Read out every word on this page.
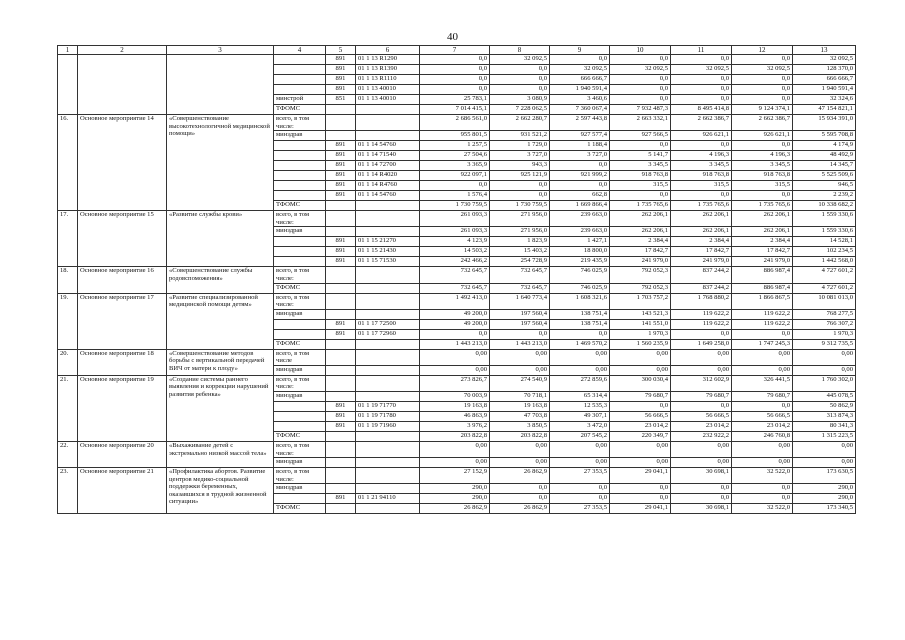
40
1	2	3	4	5	6	7	8	9	10	11	12	13
				891	01 1 13 R1290	0,0	32 092,5	0,0	0,0	0,0	0,0	32 092,5
				891	01 1 13 R1390	0,0	0,0	32 092,5	32 092,5	32 092,5	32 092,5	128 370,0
				891	01 1 13 R1110	0,0	0,0	666 666,7	0,0	0,0	0,0	666 666,7
				891	01 1 13 40010	0,0	0,0	1 940 591,4	0,0	0,0	0,0	1 940 591,4
			минстрой	851	01 1 13 40010	25 783,1	3 080,9	3 460,6	0,0	0,0	0,0	32 324,6
			ТФОМС			7 014 415,1	7 228 062,5	7 360 067,4	7 932 487,3	8 495 414,8	9 124 374,1	47 154 821,1
16.	Основное мероприятие 14	«Совершенствование высокотехнологичной медицинской помощи»	всего, в том числе:			2 686 561,0	2 662 280,7	2 597 443,8	2 663 332,1	2 662 386,7	2 662 386,7	15 934 391,0
			минздрав			955 801,5	931 521,2	927 577,4	927 566,5	926 621,1	926 621,1	5 595 708,8
				891	01 1 14 54760	1 257,5	1 729,0	1 188,4	0,0	0,0	0,0	4 174,9
				891	01 1 14 71540	27 504,6	3 727,0	3 727,0	5 141,7	4 196,3	4 196,3	48 492,9
				891	01 1 14 72700	3 365,9	943,3	0,0	3 345,5	3 345,5	3 345,5	14 345,7
				891	01 1 14 R4020	922 097,1	925 121,9	921 999,2	918 763,8	918 763,8	918 763,8	5 525 509,6
				891	01 1 14 R4760	0,0	0,0	0,0	315,5	315,5	315,5	946,5
				891	01 1 14 54760	1 576,4	0,0	662,8	0,0	0,0	0,0	2 239,2
			ТФОМС			1 730 759,5	1 730 759,5	1 669 866,4	1 735 765,6	1 735 765,6	1 735 765,6	10 338 682,2
17.	Основное мероприятие 15	«Развитие службы крови»	всего, в том числе:			261 093,3	271 956,0	239 663,0	262 206,1	262 206,1	262 206,1	1 559 330,6
			минздрав			261 093,3	271 956,0	239 663,0	262 206,1	262 206,1	262 206,1	1 559 330,6
				891	01 1 15 21270	4 123,9	1 823,9	1 427,1	2 384,4	2 384,4	2 384,4	14 528,1
				891	01 1 15 21430	14 503,2	15 403,2	18 800,0	17 842,7	17 842,7	17 842,7	102 234,5
				891	01 1 15 71530	242 466,2	254 728,9	219 435,9	241 979,0	241 979,0	241 979,0	1 442 568,0
18.	Основное мероприятие 16	«Совершенствование службы родовспоможения»	всего, в том числе:			732 645,7	732 645,7	746 025,9	792 052,3	837 244,2	886 987,4	4 727 601,2
			ТФОМС			732 645,7	732 645,7	746 025,9	792 052,3	837 244,2	886 987,4	4 727 601,2
19.	Основное мероприятие 17	«Развитие специализированной медицинской помощи детям»	всего, в том числе:			1 492 413,0	1 640 773,4	1 608 321,6	1 703 757,2	1 768 880,2	1 866 867,5	10 081 013,0
			минздрав			49 200,0	197 560,4	138 751,4	143 521,3	119 622,2	119 622,2	768 277,5
				891	01 1 17 72500	49 200,0	197 560,4	138 751,4	141 551,0	119 622,2	119 622,2	766 307,2
				891	01 1 17 72960	0,0	0,0	0,0	1 970,3	0,0	0,0	1 970,3
			ТФОМС			1 443 213,0	1 443 213,0	1 469 570,2	1 560 235,9	1 649 258,0	1 747 245,3	9 312 735,5
20.	Основное мероприятие 18	«Совершенствование методов борьбы с вертикальной передачей ВИЧ от матери к плоду»	всего, в том числе			0,00	0,00	0,00	0,00	0,00	0,00	0,00
			минздрав			0,00	0,00	0,00	0,00	0,00	0,00	0,00
21.	Основное мероприятие 19	«Создание системы раннего выявления и коррекции нарушений развития ребенка»	всего, в том числе:			273 826,7	274 540,9	272 859,6	300 030,4	312 602,9	326 441,5	1 760 302,0
			минздрав			70 003,9	70 718,1	65 314,4	79 680,7	79 680,7	79 680,7	445 078,5
				891	01 1 19 71770	19 163,8	19 163,8	12 535,3	0,0	0,0	0,0	50 862,9
				891	01 1 19 71780	46 863,9	47 703,8	49 307,1	56 666,5	56 666,5	56 666,5	313 874,3
				891	01 1 19 71960	3 976,2	3 850,5	3 472,0	23 014,2	23 014,2	23 014,2	80 341,3
			ТФОМС			203 822,8	203 822,8	207 545,2	220 349,7	232 922,2	246 760,8	1 315 223,5
22.	Основное мероприятие 20	«Выхаживание детей с экстремально низкой массой тела»	всего, в том числе:			0,00	0,00	0,00	0,00	0,00	0,00	0,00
			минздрав			0,00	0,00	0,00	0,00	0,00	0,00	0,00
23.	Основное мероприятие 21	«Профилактика абортов. Развитие центров медико-социальной поддержки беременных, оказавшихся в трудной жизненной ситуации»	всего, в том числе:			27 152,9	26 862,9	27 353,5	29 041,1	30 698,1	32 522,0	173 630,5
			минздрав			290,0	0,0	0,0	0,0	0,0	0,0	290,0
				891	01 1 21 94110	290,0	0,0	0,0	0,0	0,0	0,0	290,0
			ТФОМС			26 862,9	26 862,9	27 353,5	29 041,1	30 698,1	32 522,0	173 340,5
